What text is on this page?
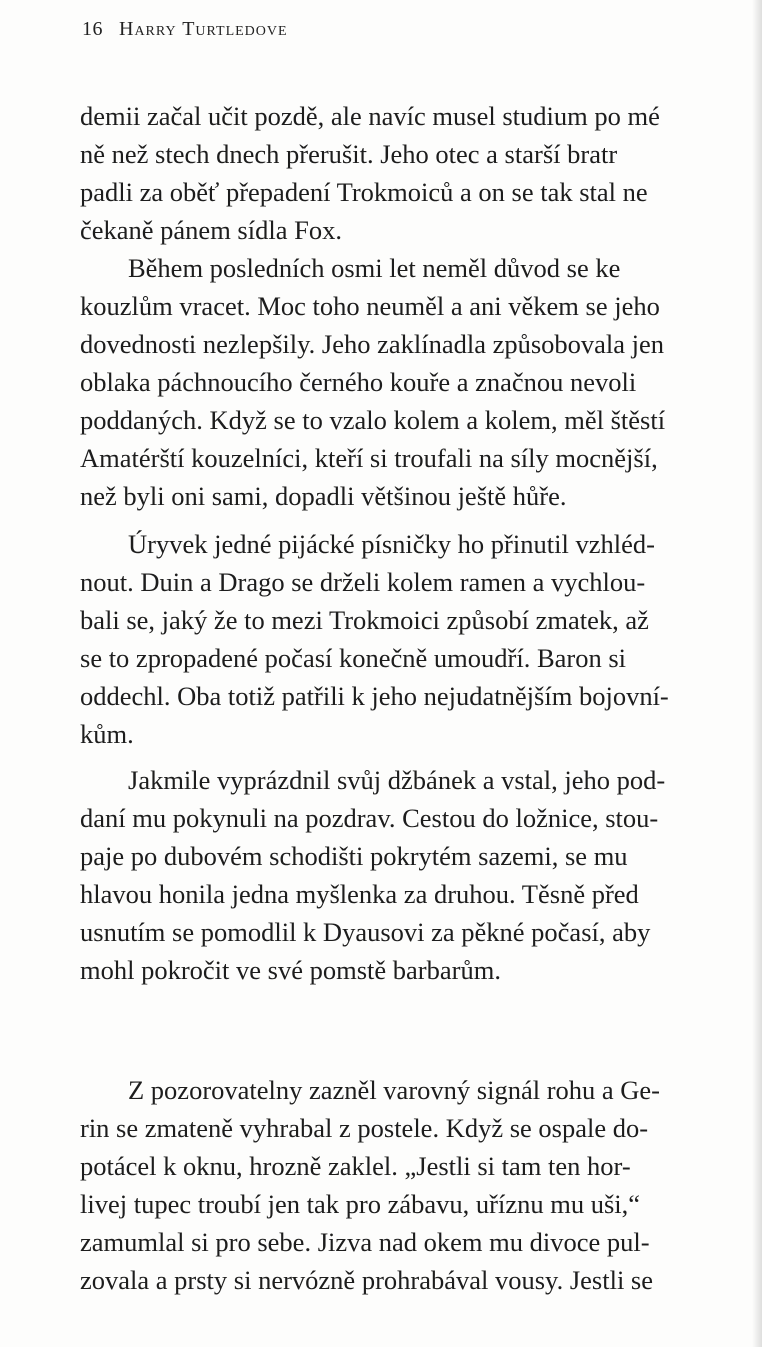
16 Harry Turtledove
demii začal učit pozdě, ale navíc musel studium po mé
ně než stech dnech přerušit. Jeho otec a starší bratr
padli za oběť přepadení Trokmoiců a on se tak stal ne
čekaně pánem sídla Fox.
Během posledních osmi let neměl důvod se ke
kouzlům vracet. Moc toho neuměl a ani věkem se jeho
dovednosti nezlepšily. Jeho zaklínadla způsobovala jen
oblaka páchnoucího černého kouře a značnou nevoli
poddaných. Když se to vzalo kolem a kolem, měl štěstí
Amatérští kouzelníci, kteří si troufali na síly mocnější,
než byli oni sami, dopadli většinou ještě hůře.
Úryvek jedné pijácké písničky ho přinutil vzhléd-
nout. Duin a Drago se drželi kolem ramen a vychlou-
bali se, jaký že to mezi Trokmoici způsobí zmatek, až
se to zpropadené počasí konečně umoudří. Baron si
oddechl. Oba totiž patřili k jeho nejudatnějším bojovní-
kům.
Jakmile vyprázdnil svůj džbánek a vstal, jeho pod-
daní mu pokynuli na pozdrav. Cestou do ložnice, stou-
paje po dubovém schodišti pokrytém sazemi, se mu
hlavou honila jedna myšlenka za druhou. Těsně před
usnutím se pomodlil k Dyausovi za pěkné počasí, aby
mohl pokročit ve své pomstě barbarům.
Z pozorovatelny zazněl varovný signál rohu a Ge-
rin se zmateně vyhrabal z postele. Když se ospale do-
potácel k oknu, hrozně zaklel. „Jestli si tam ten hor-
livej tupec troubí jen tak pro zábavu, uříznu mu uši,“
zamumlal si pro sebe. Jizva nad okem mu divoce pul-
zovala a prsty si nervózně prohrabával vousy. Jestli se
